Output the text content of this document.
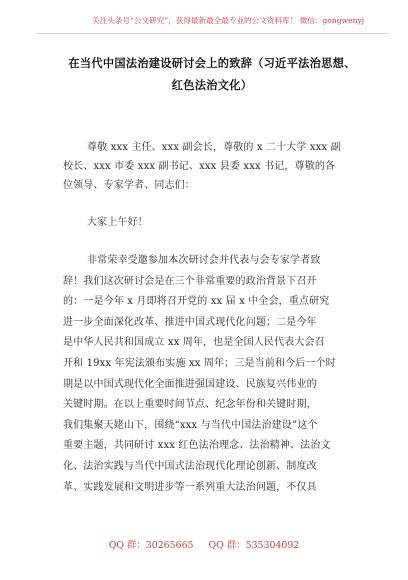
关注头条号“公文研究”，获得最新最全最专业的公文资料库！ 微信：gongwenyj
在当代中国法治建设研讨会上的致辞（习近平法治思想、
红色法治文化）
尊敬 xxx 主任、xxx 副会长，尊敬的 x 二十大学 xxx 副
校长、xxx 市委 xxx 副书记、xxx 县委 xxx 书记，尊敬的各
位领导、专家学者、同志们：
大家上午好！
非常荣幸受邀参加本次研讨会并代表与会专家学者致
辞！我们这次研讨会是在三个非常重要的政治背景下召开
的：一是今年 x 月即将召开党的 xx 届 x 中全会，重点研究
进一步全面深化改革、推进中国式现代化问题；二是今年
是中华人民共和国成立 xx 周年，也是全国人民代表大会召
开和 19xx 年宪法颁布实施 xx 周年；三是当前和今后一个时
期是以中国式现代化全面推进强国建设、民族复兴伟业的
关键时期。在以上重要时间节点、纪念年份和关键时期，
我们集聚天姥山下，围绕“xxx 与当代中国法治建设”这个
重要主题，共同研讨 xxx 红色法治理念、法治精神、法治文
化、法治实践与当代中国式法治现代化理论创新、制度改
革、实践发展和文明进步等一系列重大法治问题，不仅具
QQ 群：30265665 QQ 群：535304092
